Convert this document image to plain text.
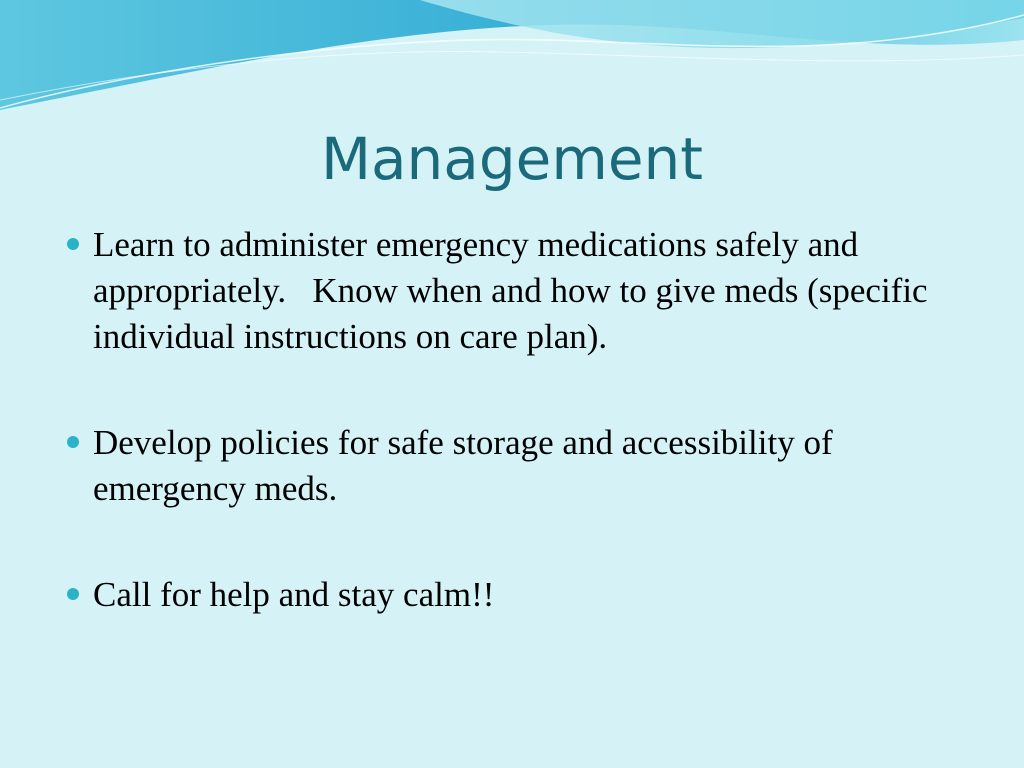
Management
Learn to administer emergency medications safely and appropriately.   Know when and how to give meds (specific individual instructions on care plan).
Develop policies for safe storage and accessibility of emergency meds.
Call for help and stay calm!!
